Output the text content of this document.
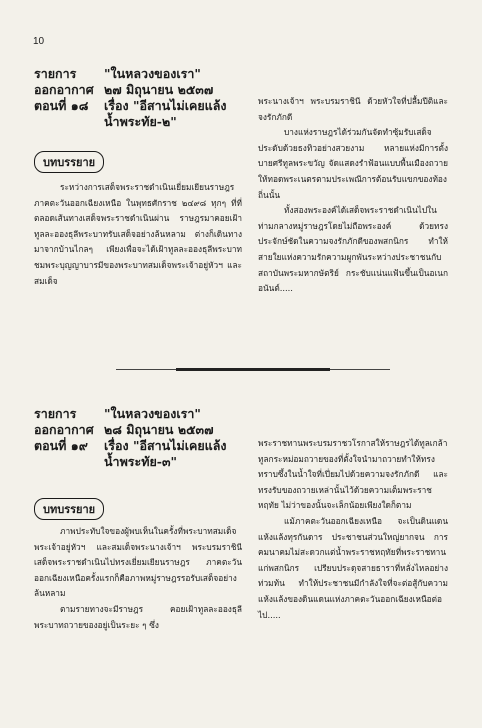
10
รายการ	"ในหลวงของเรา"
ออกอากาศ ๒๗ มิถุนายน ๒๕๓๗
ตอนที่ ๑๘	เรื่อง "อีสานไม่เคยแล้ง
น้ำพระทัย-๒"
บทบรรยาย

ระหว่างการเสด็จพระราชดำเนินเยี่ยมเยียนราษฎรภาคตะวันออกเฉียงเหนือ ในพุทธศักราช ๒๔๙๘ ทุกๆ ที่ที่ตลอดเส้นทางเสด็จพระราชดำเนินผ่าน ราษฎรมาคอยเฝ้าทูลละอองธุลีพระบาทรับเสด็จอย่างล้นหลาม ต่างก็เดินทางมาจากบ้านไกลๆ เพียงเพื่อจะได้เฝ้าทูลละอองธุลีพระบาทชมพระบุญญาบารมีของพระบาทสมเด็จพระเจ้าอยู่หัวฯ และสมเด็จ

พระนางเจ้าฯ พระบรมราชินี ด้วยหัวใจที่ปลื้มปีติและจงรักภักดี

บางแห่งราษฎรได้ร่วมกันจัดทำซุ้มรับเสด็จประดับด้วยธงทิวอย่างสวยงาม หลายแห่งมีการตั้งบายศรีทูลพระขวัญ จัดแสดงรำฟ้อนแบบพื้นเมืองถวายให้ทอดพระเนตรตามประเพณีการต้อนรับแขกของท้องถิ่นนั้น

ทั้งสองพระองค์ได้เสด็จพระราชดำเนินไปในท่ามกลางหมู่ราษฎรโดยไม่ถือพระองค์ ด้วยทรงประจักษ์ชัดในความจงรักภักดีของพสกนิกร ทำให้สายใยแห่งความรักความผูกพันระหว่างประชาชนกับสถาบันพระมหากษัตริย์ กระชับแน่นแฟ้นขึ้นเป็นอเนกอนันต์.....

รายการ	"ในหลวงของเรา"
ออกอากาศ ๒๘ มิถุนายน ๒๕๓๗
ตอนที่ ๑๙	เรื่อง "อีสานไม่เคยแล้ง
น้ำพระทัย-๓"
บทบรรยาย

ภาพประทับใจของผู้พบเห็นในครั้งที่พระบาทสมเด็จพระเจ้าอยู่หัวฯ และสมเด็จพระนางเจ้าฯ พระบรมราชินี เสด็จพระราชดำเนินไปทรงเยี่ยมเยียนราษฎร ภาคตะวันออกเฉียงเหนือครั้งแรกก็คือภาพหมู่ราษฎรรอรับเสด็จอย่างล้นหลาม

ตามรายทางจะมีราษฎร คอยเฝ้าทูลละอองธุลีพระบาทถวายของอยู่เป็นระยะ ๆ ซึ่ง

พระราชทานพระบรมราชวโรกาสให้ราษฎรได้ทูลเกล้าทูลกระหม่อมถวายของที่ตั้งใจนำมาถวายทำให้ทรงทราบซึ้งในน้ำใจที่เปี่ยมไปด้วยความจงรักภักดี และทรงรับของถวายเหล่านั้นไว้ด้วยความเต็มพระราชหฤทัย ไม่ว่าของนั้นจะเล็กน้อยเพียงใดก็ตาม

แม้ภาคตะวันออกเฉียงเหนือ จะเป็นดินแดนแห้งแล้งทุรกันดาร ประชาชนส่วนใหญ่ยากจน การคมนาคมไม่สะดวกแต่น้ำพระราชหฤทัยที่พระราชทานแก่พสกนิกร เปรียบประดุจสายธาราที่หลั่งไหลอย่างท่วมท้น ทำให้ประชาชนมีกำลังใจที่จะต่อสู้กับความแห้งแล้งของดินแดนแห่งภาคตะวันออกเฉียงเหนือต่อไป.....
